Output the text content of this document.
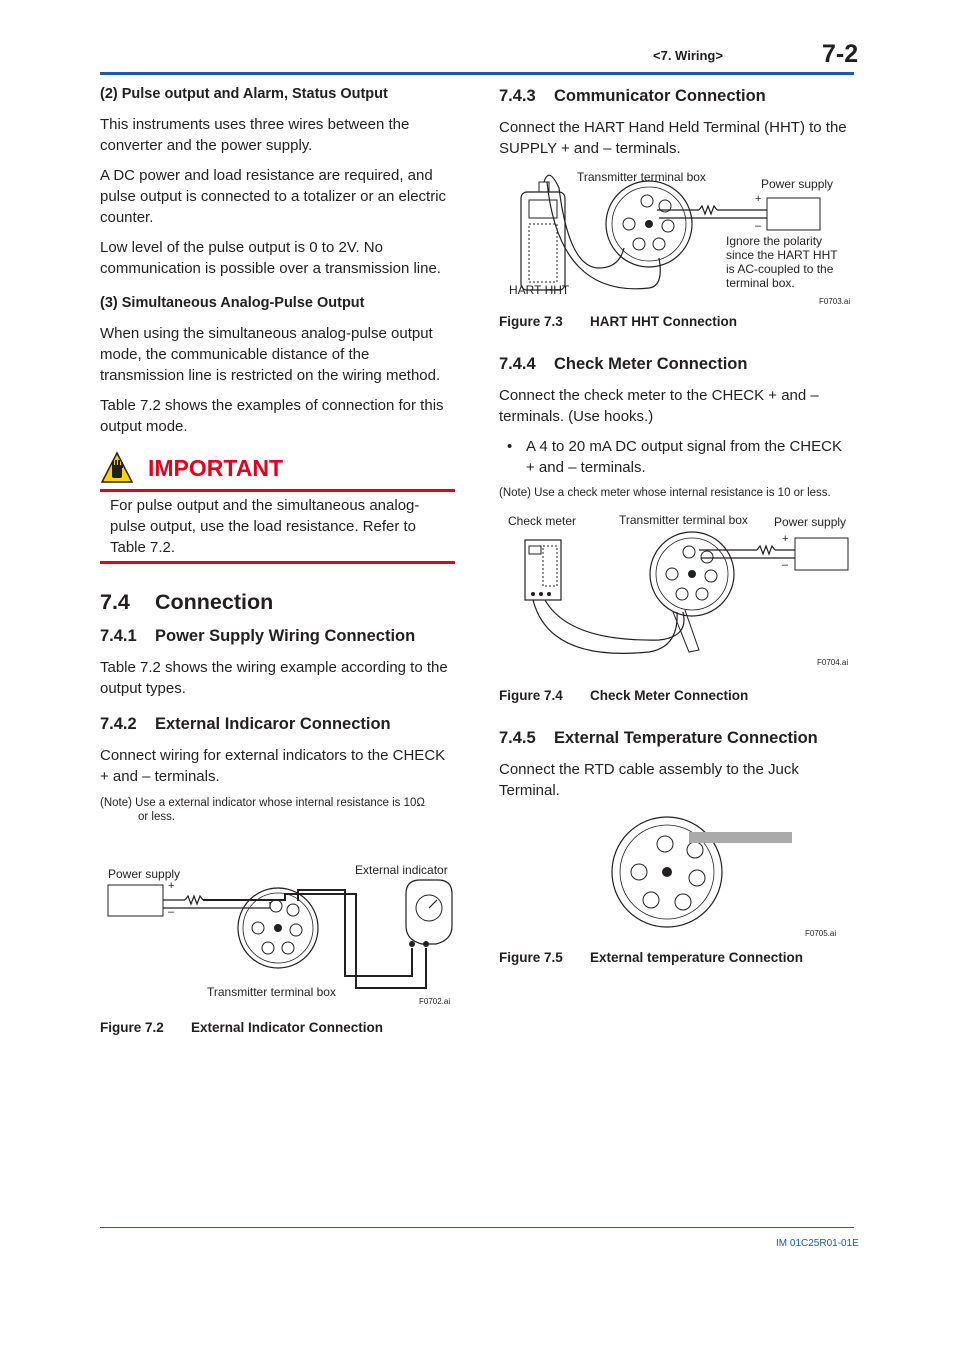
<7. Wiring>	7-2
(2) Pulse output and Alarm, Status Output

This instruments uses three wires between the converter and the power supply.

A DC power and load resistance are required, and pulse output is connected to a totalizer or an electric counter.

Low level of the pulse output is 0 to 2V. No communication is possible over a transmission line.

(3) Simultaneous Analog-Pulse Output

When using the simultaneous analog-pulse output mode, the communicable distance of the transmission line is restricted on the wiring method.

Table 7.2 shows the examples of connection for this output mode.

IMPORTANT

For pulse output and the simultaneous analog-pulse output, use the load resistance. Refer to Table 7.2.

7.4 Connection
7.4.1 Power Supply Wiring Connection

Table 7.2 shows the wiring example according to the output types.

7.4.2 External Indicaror Connection

Connect wiring for external indicators to the CHECK + and – terminals.

(Note) Use a external indicator whose internal resistance is 10Ω
or less.
Power supply
+
–
Transmitter terminal box
External indicator
F0702.ai
Figure 7.2 External Indicator Connection
7.4.3 Communicator Connection

Connect the HART Hand Held Terminal (HHT) to the SUPPLY + and – terminals.

Transmitter terminal box	Power supply
+
–
HART HHT
Ignore the polarity
since the HART HHT
is AC-coupled to the
terminal box.
F0703.ai
Figure 7.3 HART HHT Connection
7.4.4 Check Meter Connection

Connect the check meter to the CHECK + and – terminals. (Use hooks.)

• A 4 to 20 mA DC output signal from the CHECK + and – terminals.
(Note) Use a check meter whose internal resistance is 10 or less.
Check meter	Transmitter terminal box Power supply
+
–
F0704.ai
Figure 7.4 Check Meter Connection
7.4.5 External Temperature Connection

Connect the RTD cable assembly to the Juck Terminal.

F0705.ai
Figure 7.5 External temperature Connection
IM 01C25R01-01E
